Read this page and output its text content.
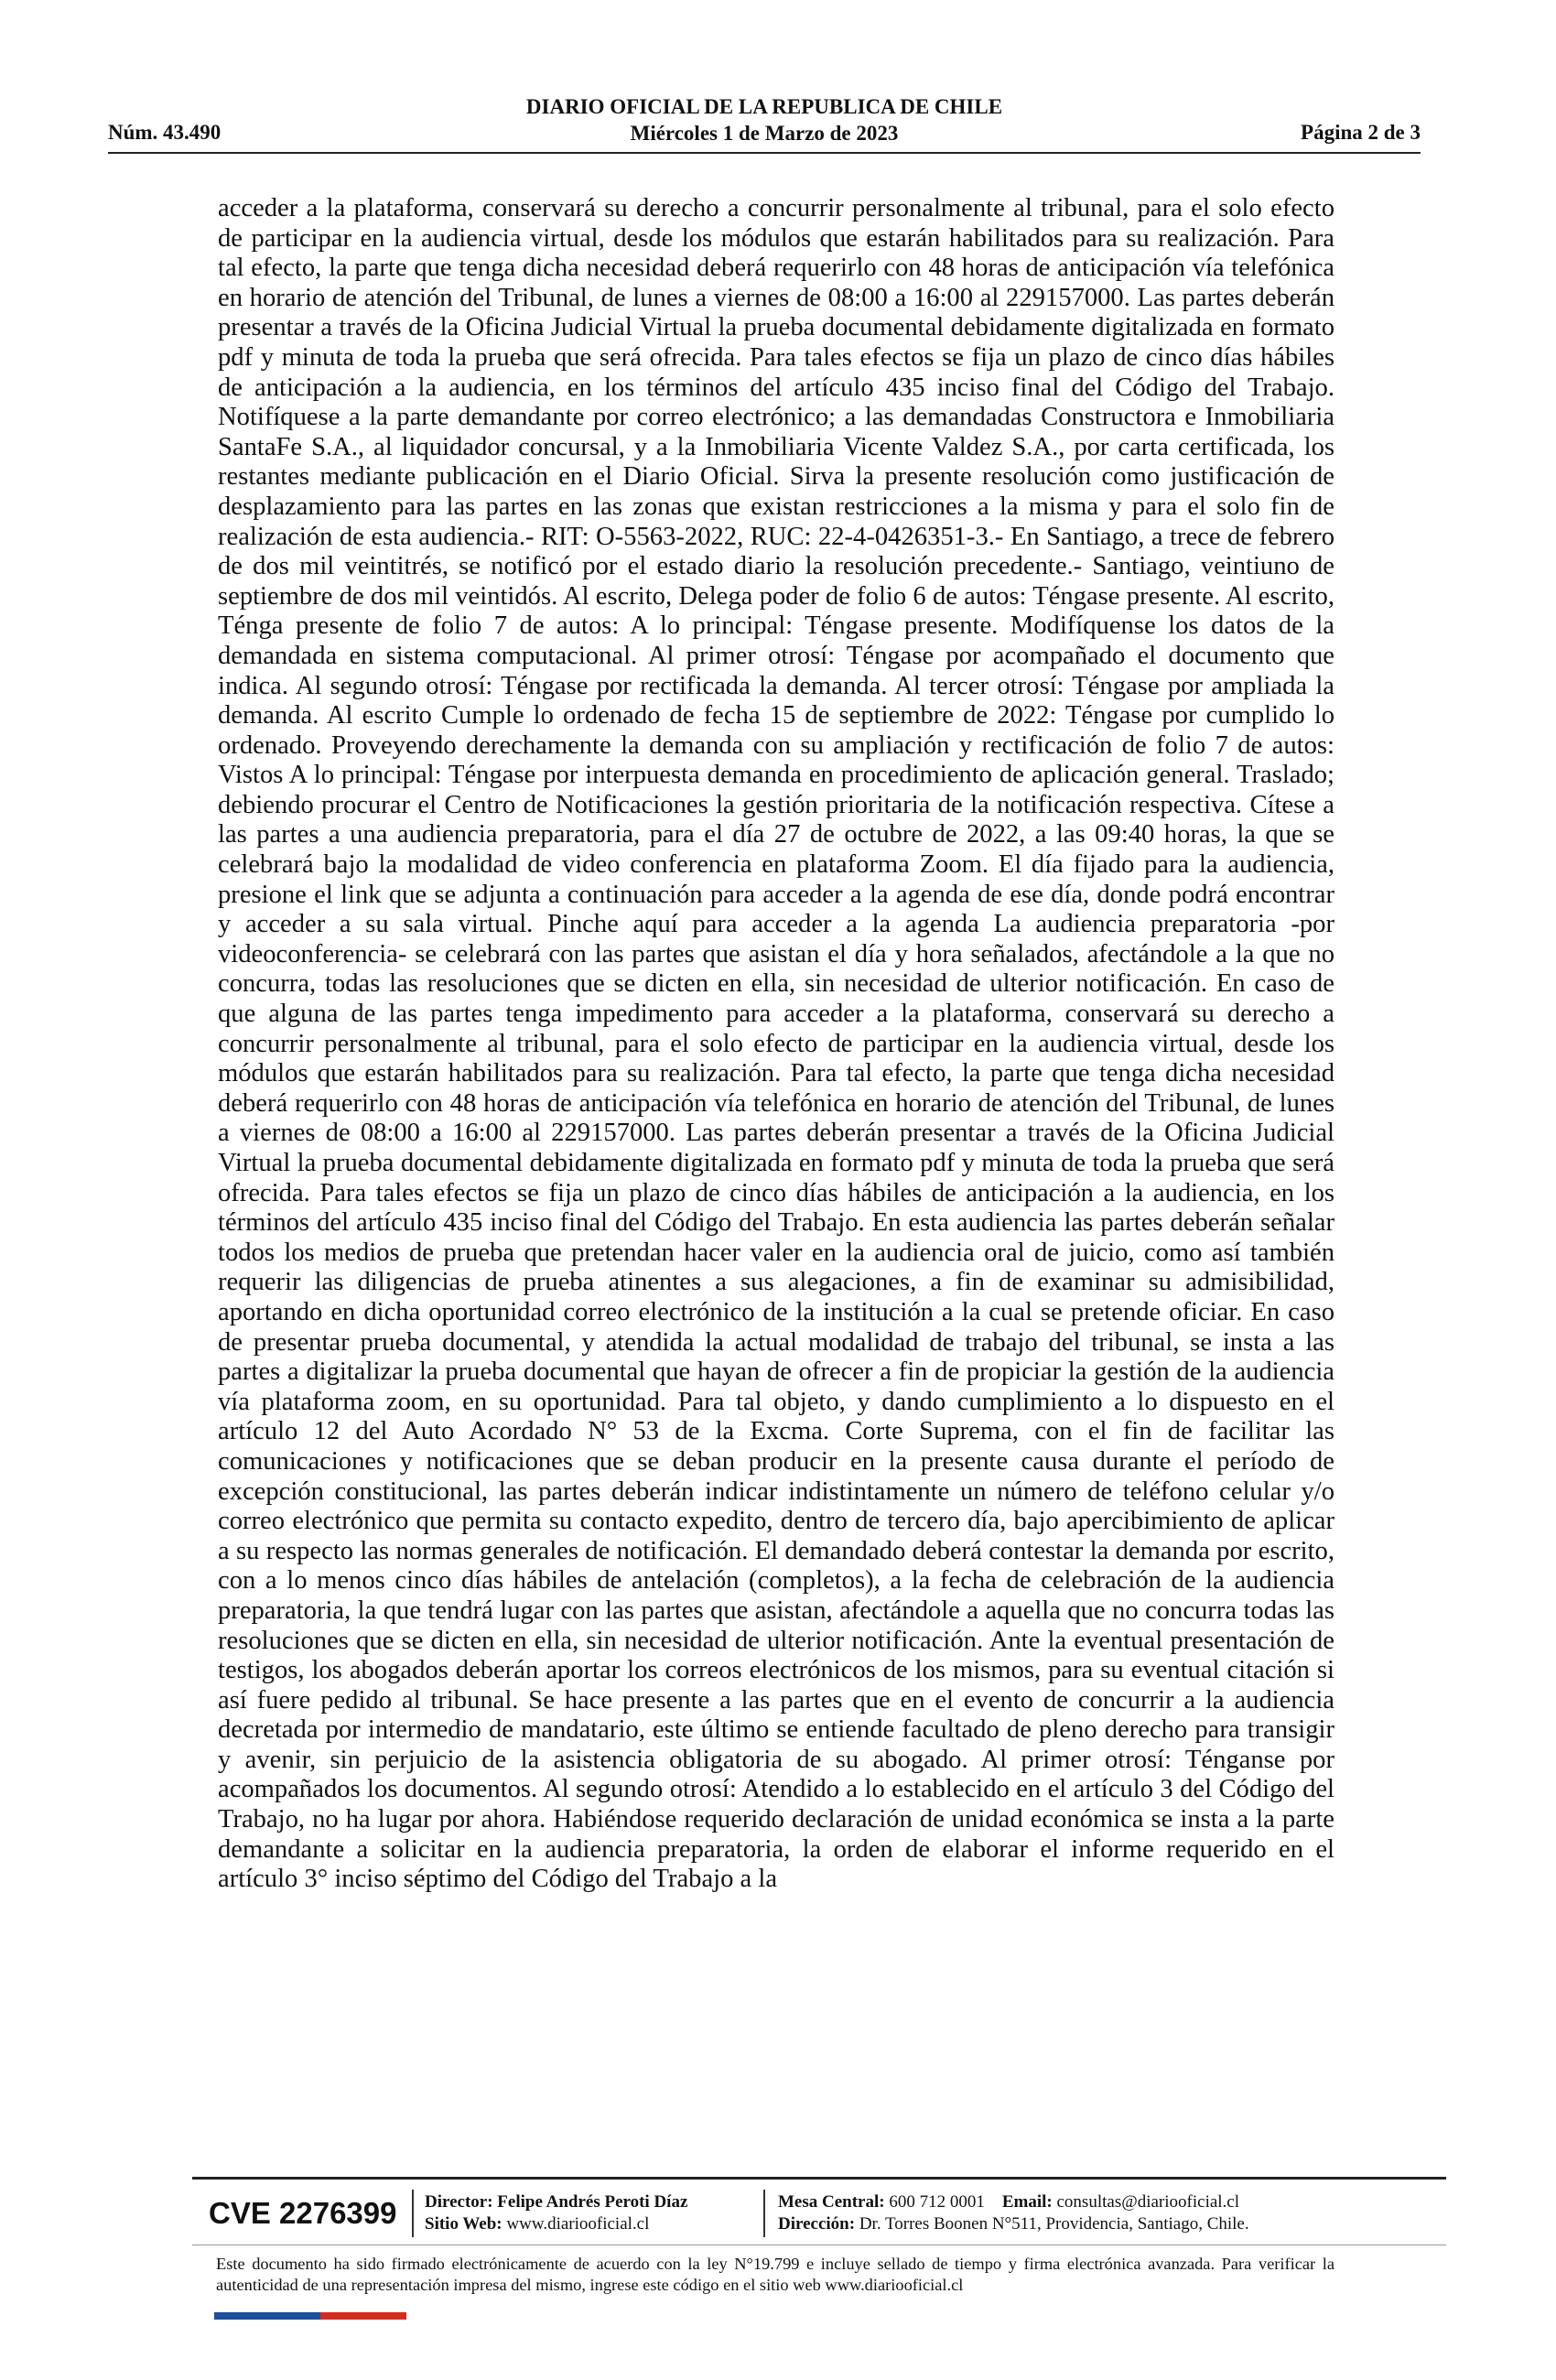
DIARIO OFICIAL DE LA REPUBLICA DE CHILE
Miércoles 1 de Marzo de 2023
Núm. 43.490	Página 2 de 3

acceder a la plataforma, conservará su derecho a concurrir personalmente al tribunal, para el solo efecto de participar en la audiencia virtual, desde los módulos que estarán habilitados para su realización. Para tal efecto, la parte que tenga dicha necesidad deberá requerirlo con 48 horas de anticipación vía telefónica en horario de atención del Tribunal, de lunes a viernes de 08:00 a 16:00 al 229157000. Las partes deberán presentar a través de la Oficina Judicial Virtual la prueba documental debidamente digitalizada en formato pdf y minuta de toda la prueba que será ofrecida. Para tales efectos se fija un plazo de cinco días hábiles de anticipación a la audiencia, en los términos del artículo 435 inciso final del Código del Trabajo. Notifíquese a la parte demandante por correo electrónico; a las demandadas Constructora e Inmobiliaria SantaFe S.A., al liquidador concursal, y a la Inmobiliaria Vicente Valdez S.A., por carta certificada, los restantes mediante publicación en el Diario Oficial. Sirva la presente resolución como justificación de desplazamiento para las partes en las zonas que existan restricciones a la misma y para el solo fin de realización de esta audiencia.- RIT: O-5563-2022, RUC: 22-4-0426351-3.- En Santiago, a trece de febrero de dos mil veintitrés, se notificó por el estado diario la resolución precedente.- Santiago, veintiuno de septiembre de dos mil veintidós. Al escrito, Delega poder de folio 6 de autos: Téngase presente. Al escrito, Ténga presente de folio 7 de autos: A lo principal: Téngase presente. Modifíquense los datos de la demandada en sistema computacional. Al primer otrosí: Téngase por acompañado el documento que indica. Al segundo otrosí: Téngase por rectificada la demanda. Al tercer otrosí: Téngase por ampliada la demanda. Al escrito Cumple lo ordenado de fecha 15 de septiembre de 2022: Téngase por cumplido lo ordenado. Proveyendo derechamente la demanda con su ampliación y rectificación de folio 7 de autos: Vistos A lo principal: Téngase por interpuesta demanda en procedimiento de aplicación general. Traslado; debiendo procurar el Centro de Notificaciones la gestión prioritaria de la notificación respectiva. Cítese a las partes a una audiencia preparatoria, para el día 27 de octubre de 2022, a las 09:40 horas, la que se celebrará bajo la modalidad de video conferencia en plataforma Zoom. El día fijado para la audiencia, presione el link que se adjunta a continuación para acceder a la agenda de ese día, donde podrá encontrar y acceder a su sala virtual. Pinche aquí para acceder a la agenda La audiencia preparatoria -por videoconferencia- se celebrará con las partes que asistan el día y hora señalados, afectándole a la que no concurra, todas las resoluciones que se dicten en ella, sin necesidad de ulterior notificación. En caso de que alguna de las partes tenga impedimento para acceder a la plataforma, conservará su derecho a concurrir personalmente al tribunal, para el solo efecto de participar en la audiencia virtual, desde los módulos que estarán habilitados para su realización. Para tal efecto, la parte que tenga dicha necesidad deberá requerirlo con 48 horas de anticipación vía telefónica en horario de atención del Tribunal, de lunes a viernes de 08:00 a 16:00 al 229157000. Las partes deberán presentar a través de la Oficina Judicial Virtual la prueba documental debidamente digitalizada en formato pdf y minuta de toda la prueba que será ofrecida. Para tales efectos se fija un plazo de cinco días hábiles de anticipación a la audiencia, en los términos del artículo 435 inciso final del Código del Trabajo. En esta audiencia las partes deberán señalar todos los medios de prueba que pretendan hacer valer en la audiencia oral de juicio, como así también requerir las diligencias de prueba atinentes a sus alegaciones, a fin de examinar su admisibilidad, aportando en dicha oportunidad correo electrónico de la institución a la cual se pretende oficiar. En caso de presentar prueba documental, y atendida la actual modalidad de trabajo del tribunal, se insta a las partes a digitalizar la prueba documental que hayan de ofrecer a fin de propiciar la gestión de la audiencia vía plataforma zoom, en su oportunidad. Para tal objeto, y dando cumplimiento a lo dispuesto en el artículo 12 del Auto Acordado N° 53 de la Excma. Corte Suprema, con el fin de facilitar las comunicaciones y notificaciones que se deban producir en la presente causa durante el período de excepción constitucional, las partes deberán indicar indistintamente un número de teléfono celular y/o correo electrónico que permita su contacto expedito, dentro de tercero día, bajo apercibimiento de aplicar a su respecto las normas generales de notificación. El demandado deberá contestar la demanda por escrito, con a lo menos cinco días hábiles de antelación (completos), a la fecha de celebración de la audiencia preparatoria, la que tendrá lugar con las partes que asistan, afectándole a aquella que no concurra todas las resoluciones que se dicten en ella, sin necesidad de ulterior notificación. Ante la eventual presentación de testigos, los abogados deberán aportar los correos electrónicos de los mismos, para su eventual citación si así fuere pedido al tribunal. Se hace presente a las partes que en el evento de concurrir a la audiencia decretada por intermedio de mandatario, este último se entiende facultado de pleno derecho para transigir y avenir, sin perjuicio de la asistencia obligatoria de su abogado. Al primer otrosí: Ténganse por acompañados los documentos. Al segundo otrosí: Atendido a lo establecido en el artículo 3 del Código del Trabajo, no ha lugar por ahora. Habiéndose requerido declaración de unidad económica se insta a la parte demandante a solicitar en la audiencia preparatoria, la orden de elaborar el informe requerido en el artículo 3° inciso séptimo del Código del Trabajo a la

CVE 2276399 Director: Felipe Andrés Peroti Díaz
Sitio Web: www.diariooficial.cl
Mesa Central: 600 712 0001 Email: consultas@diariooficial.cl
Dirección: Dr. Torres Boonen N°511, Providencia, Santiago, Chile.
Este documento ha sido firmado electrónicamente de acuerdo con la ley N°19.799 e incluye sellado de tiempo y firma electrónica avanzada. Para verificar la autenticidad de una representación impresa del mismo, ingrese este código en el sitio web www.diariooficial.cl
